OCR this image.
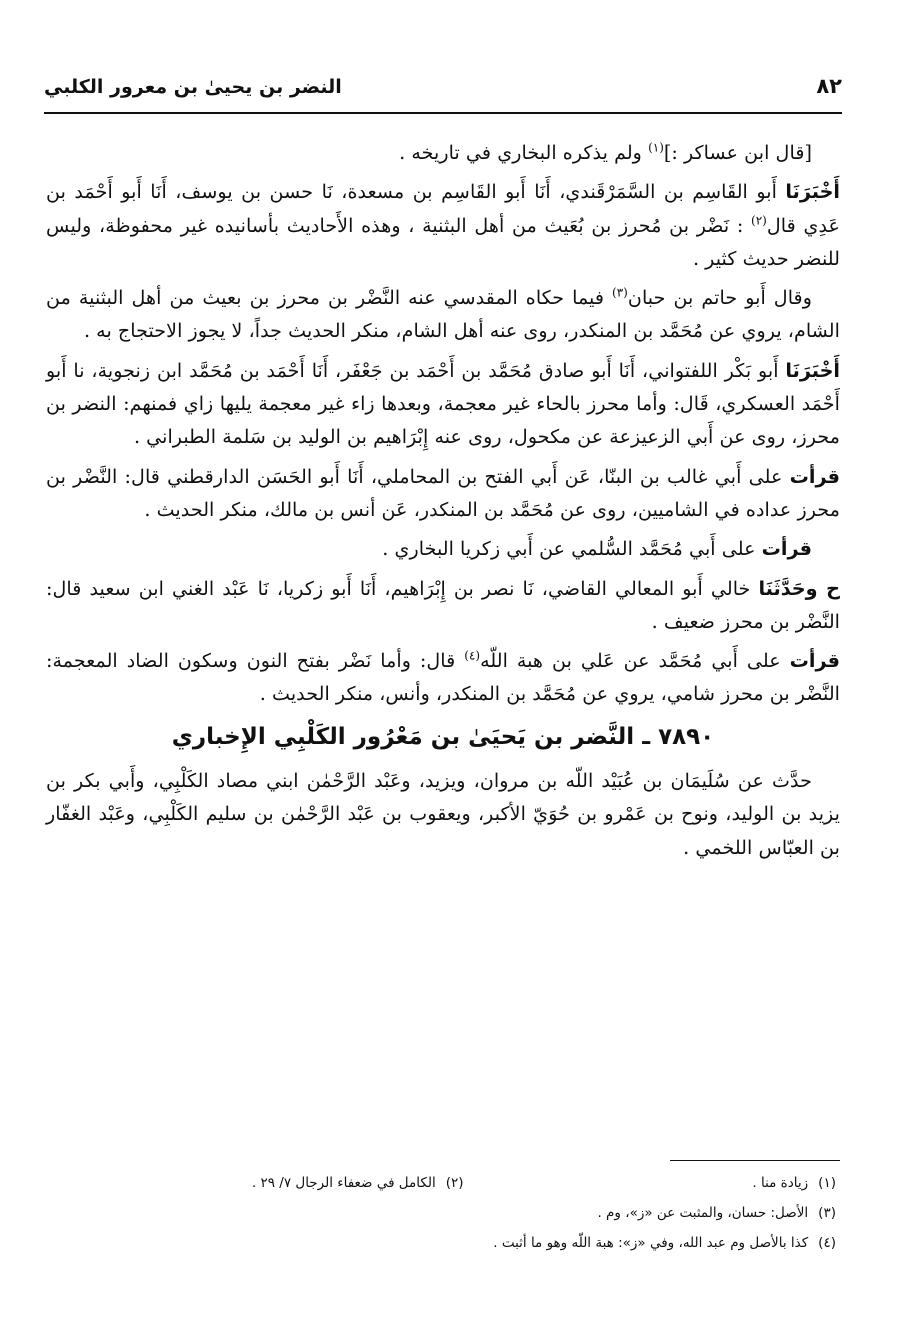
٨٢
النضر بن يحيىٰ بن معرور الكلبي

[قال ابن عساكر :]$^{(١)}$ ولم يذكره البخاري في تاريخه .

أَخْبَرَنَا أَبو القَاسِم بن السَّمَرْقَندي، أَنَا أَبو القَاسِم بن مسعدة، نَا حسن بن يوسف، أَنَا أَبو أَحْمَد بن عَدِي قال$^{(٢)}$ : نَضْر بن مُحرز بن بُعَيث من أهل البثنية ، وهذه الأَحاديث بأسانيده غير محفوظة، وليس للنضر حديث كثير .

وقال أَبو حاتم بن حبان$^{(٣)}$ فيما حكاه المقدسي عنه النَّضْر بن محرز بن بعيث من أهل البثنية من الشام، يروي عن مُحَمَّد بن المنكدر، روى عنه أهل الشام، منكر الحديث جداً، لا يجوز الاحتجاج به .

أَخْبَرَنَا أَبو بَكْر اللفتواني، أَنَا أَبو صادق مُحَمَّد بن أَحْمَد بن جَعْفَر، أَنَا أَحْمَد بن مُحَمَّد ابن زنجوية، نا أَبو أَحْمَد العسكري، قَال: وأما محرز بالحاء غير معجمة، وبعدها زاء غير معجمة يليها زاي فمنهم: النضر بن محرز، روى عن أَبي الزعيزعة عن مكحول، روى عنه إِبْرَاهيم بن الوليد بن سَلمة الطبراني .

قرأت على أَبي غالب بن البنّا، عَن أَبي الفتح بن المحاملي، أَنَا أَبو الحَسَن الدارقطني قال: النَّضْر بن محرز عداده في الشاميين، روى عن مُحَمَّد بن المنكدر، عَن أنس بن مالك، منكر الحديث .

قرأت على أَبي مُحَمَّد السُّلمي عن أَبي زكريا البخاري .

ح وحَدَّثَنَا خالي أَبو المعالي القاضي، نَا نصر بن إِبْرَاهيم، أَنَا أَبو زكريا، نَا عَبْد الغني ابن سعيد قال: النَّضْر بن محرز ضعيف .

قرأت على أَبي مُحَمَّد عن عَلي بن هبة اللّه$^{(٤)}$ قال: وأما نَضْر بفتح النون وسكون الضاد المعجمة: النَّضْر بن محرز شامي، يروي عن مُحَمَّد بن المنكدر، وأنس، منكر الحديث .

٧٨٩٠ ـ النَّضر بن يَحيَىٰ بن مَعْرُور الكَلْبِي الإِخباري

حدَّث عن سُلَيمَان بن عُبَيْد اللّه بن مروان، ويزيد، وعَبْد الرَّحْمٰن ابني مصاد الكَلْبِي، وأَبي بكر بن يزيد بن الوليد، ونوح بن عَمْرو بن حُوَيّ الأكبر، ويعقوب بن عَبْد الرَّحْمٰن بن سليم الكَلْبِي، وعَبْد الغفّار بن العبّاس اللخمي .

(١)زيادة منا .
(٢)الكامل في ضعفاء الرجال ٧/ ٢٩ .
(٣)الأصل: حسان، والمثبت عن «ز»، وم .
(٤)كذا بالأصل وم عبد الله، وفي «ز»: هبة اللّه وهو ما أثبت .
